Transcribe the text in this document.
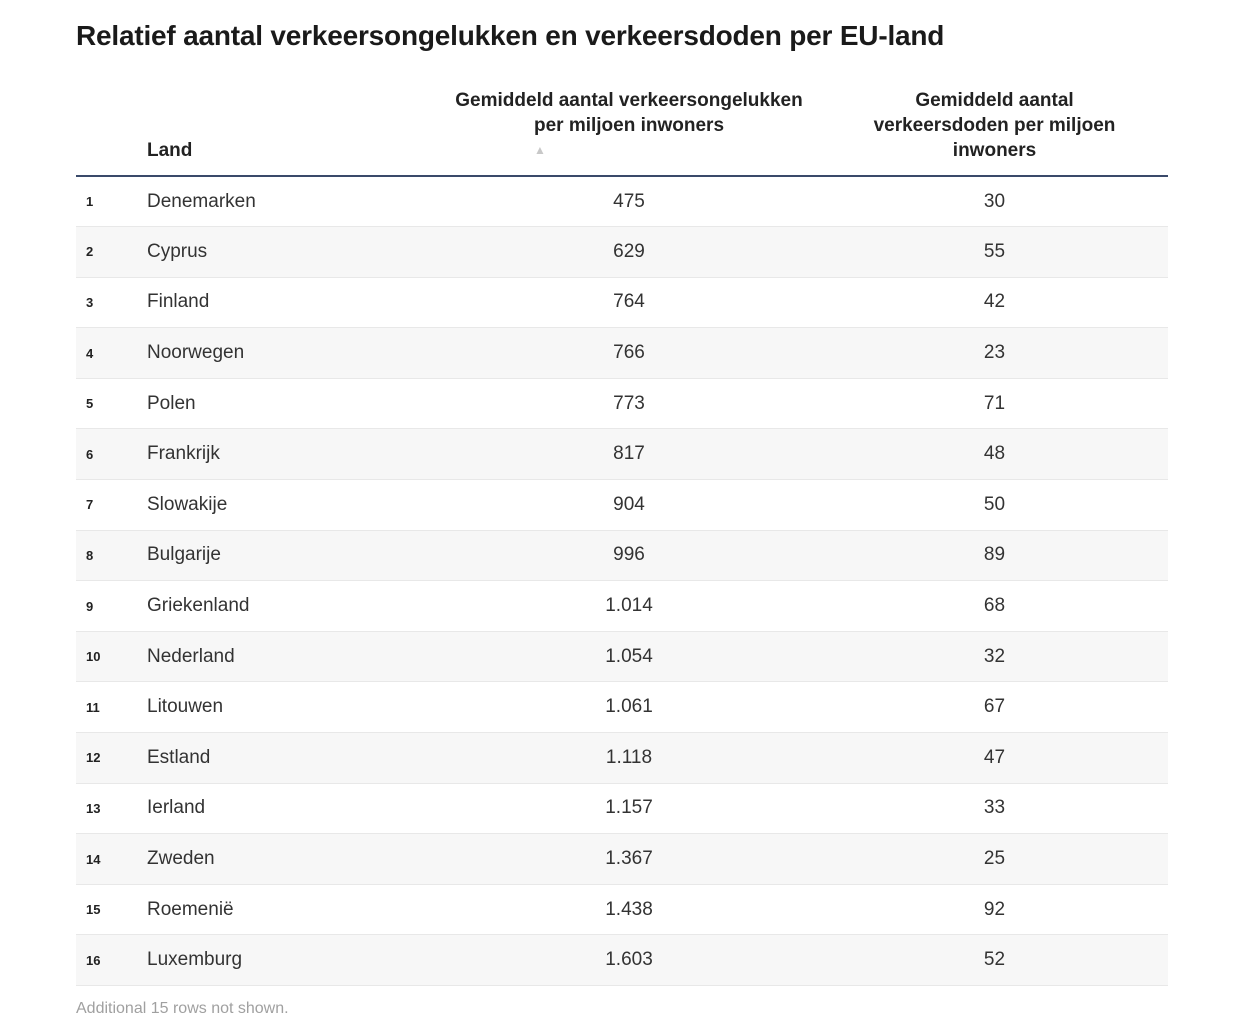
Relatief aantal verkeersongelukken en verkeersdoden per EU-land
	Land	Gemiddeld aantal verkeersongelukken per miljoen inwoners▲	Gemiddeld aantal verkeersdoden per miljoen inwoners
1	Denemarken	475	30
2	Cyprus	629	55
3	Finland	764	42
4	Noorwegen	766	23
5	Polen	773	71
6	Frankrijk	817	48
7	Slowakije	904	50
8	Bulgarije	996	89
9	Griekenland	1.014	68
10	Nederland	1.054	32
11	Litouwen	1.061	67
12	Estland	1.118	47
13	Ierland	1.157	33
14	Zweden	1.367	25
15	Roemenië	1.438	92
16	Luxemburg	1.603	52
Additional 15 rows not shown.
